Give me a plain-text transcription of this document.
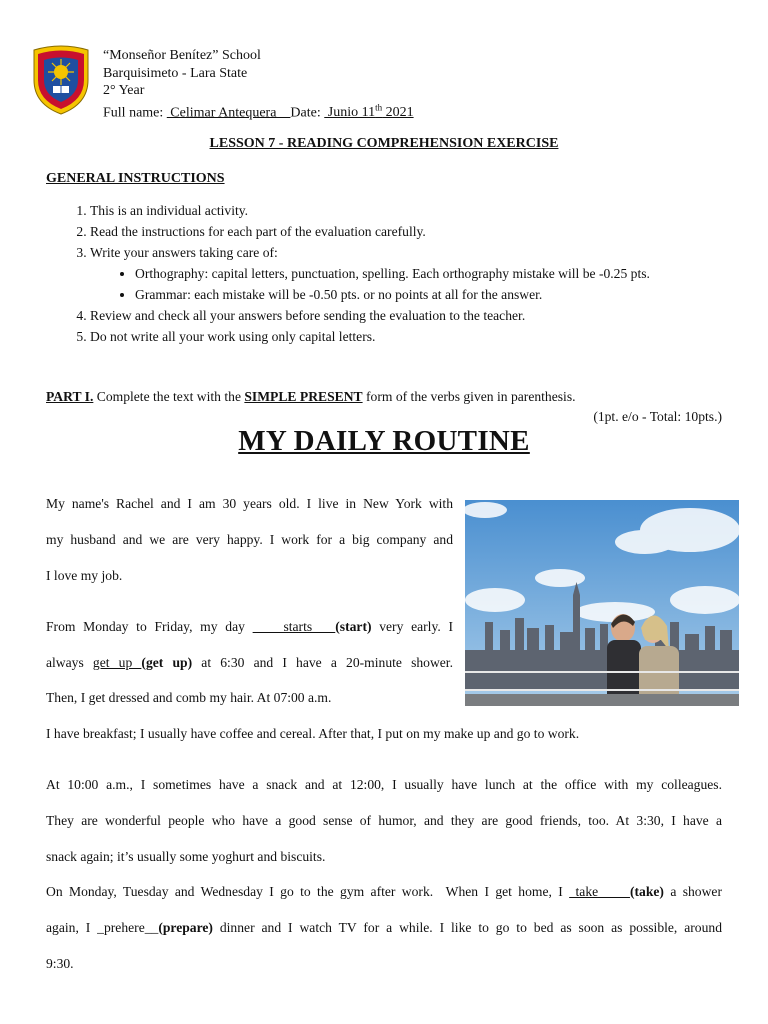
“Monseñor Benítez” School
Barquisimeto - Lara State
2° Year
Full name:  Celimar Antequera    Date:  Junio 11th 2021
LESSON 7 - READING COMPREHENSION EXERCISE
GENERAL INSTRUCTIONS
1. This is an individual activity.
2. Read the instructions for each part of the evaluation carefully.
3. Write your answers taking care of:
• Orthography: capital letters, punctuation, spelling. Each orthography mistake will be -0.25 pts.
• Grammar: each mistake will be -0.50 pts. or no points at all for the answer.
4. Review and check all your answers before sending the evaluation to the teacher.
5. Do not write all your work using only capital letters.
PART I. Complete the text with the SIMPLE PRESENT form of the verbs given in parenthesis.
(1pt. e/o - Total: 10pts.)
MY DAILY ROUTINE
My name's Rachel and I am 30 years old. I live in New York with
my husband and we are very happy. I work for a big company and
I love my job.
From Monday to Friday, my day     starts   (start) very early. I
always get up (get up) at 6:30 and I have a 20-minute shower.
Then, I get dressed and comb my hair. At 07:00 a.m.
I have breakfast; I usually have coffee and cereal. After that, I put on my make up and go to work.
At 10:00 a.m., I sometimes have a snack and at 12:00, I usually have lunch at the office with my colleagues.
They are wonderful people who have a good sense of humor, and they are good friends, too. At 3:30, I have a
snack again; it’s usually some yoghurt and biscuits.
On Monday, Tuesday and Wednesday I go to the gym after work.  When I get home, I  take     (take) a shower
again, I _prehere__(prepare) dinner and I watch TV for a while. I like to go to bed as soon as possible, around
9:30.
